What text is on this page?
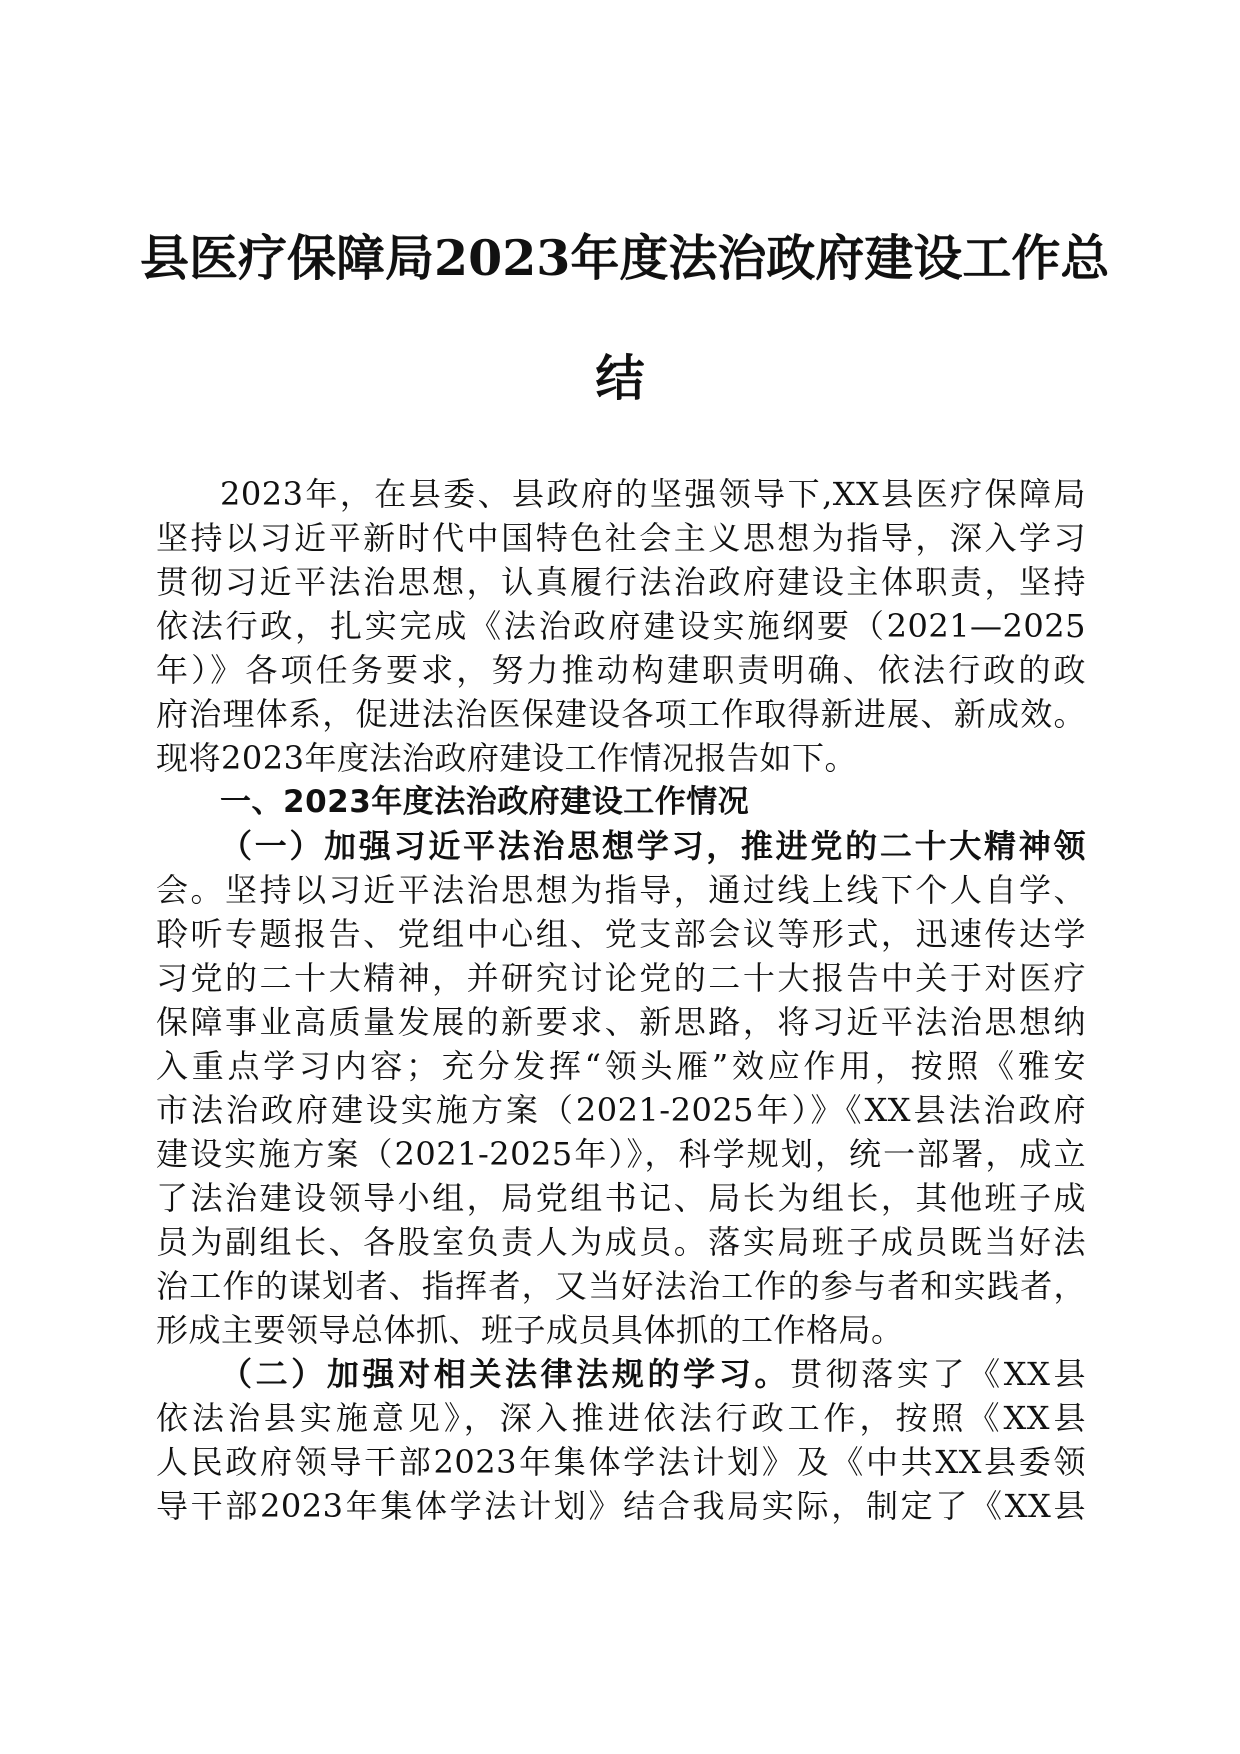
县医疗保障局2023年度法治政府建设工作总
结
2023年，在县委、县政府的坚强领导下,XX县医疗保障局
坚持以习近平新时代中国特色社会主义思想为指导，深入学习
贯彻习近平法治思想，认真履行法治政府建设主体职责，坚持
依法行政，扎实完成《法治政府建设实施纲要（2021—2025
年）》各项任务要求，努力推动构建职责明确、依法行政的政
府治理体系，促进法治医保建设各项工作取得新进展、新成效。
现将2023年度法治政府建设工作情况报告如下。
一、2023年度法治政府建设工作情况
（一）加强习近平法治思想学习，推进党的二十大精神领
会。坚持以习近平法治思想为指导，通过线上线下个人自学、
聆听专题报告、党组中心组、党支部会议等形式，迅速传达学
习党的二十大精神，并研究讨论党的二十大报告中关于对医疗
保障事业高质量发展的新要求、新思路，将习近平法治思想纳
入重点学习内容；充分发挥“领头雁”效应作用，按照《雅安
市法治政府建设实施方案（2021-2025年）》《XX县法治政府
建设实施方案（2021-2025年）》，科学规划，统一部署，成立
了法治建设领导小组，局党组书记、局长为组长，其他班子成
员为副组长、各股室负责人为成员。落实局班子成员既当好法
治工作的谋划者、指挥者，又当好法治工作的参与者和实践者，
形成主要领导总体抓、班子成员具体抓的工作格局。
（二）加强对相关法律法规的学习。贯彻落实了《XX县
依法治县实施意见》，深入推进依法行政工作，按照《XX县
人民政府领导干部2023年集体学法计划》及《中共XX县委领
导干部2023年集体学法计划》结合我局实际，制定了《XX县
